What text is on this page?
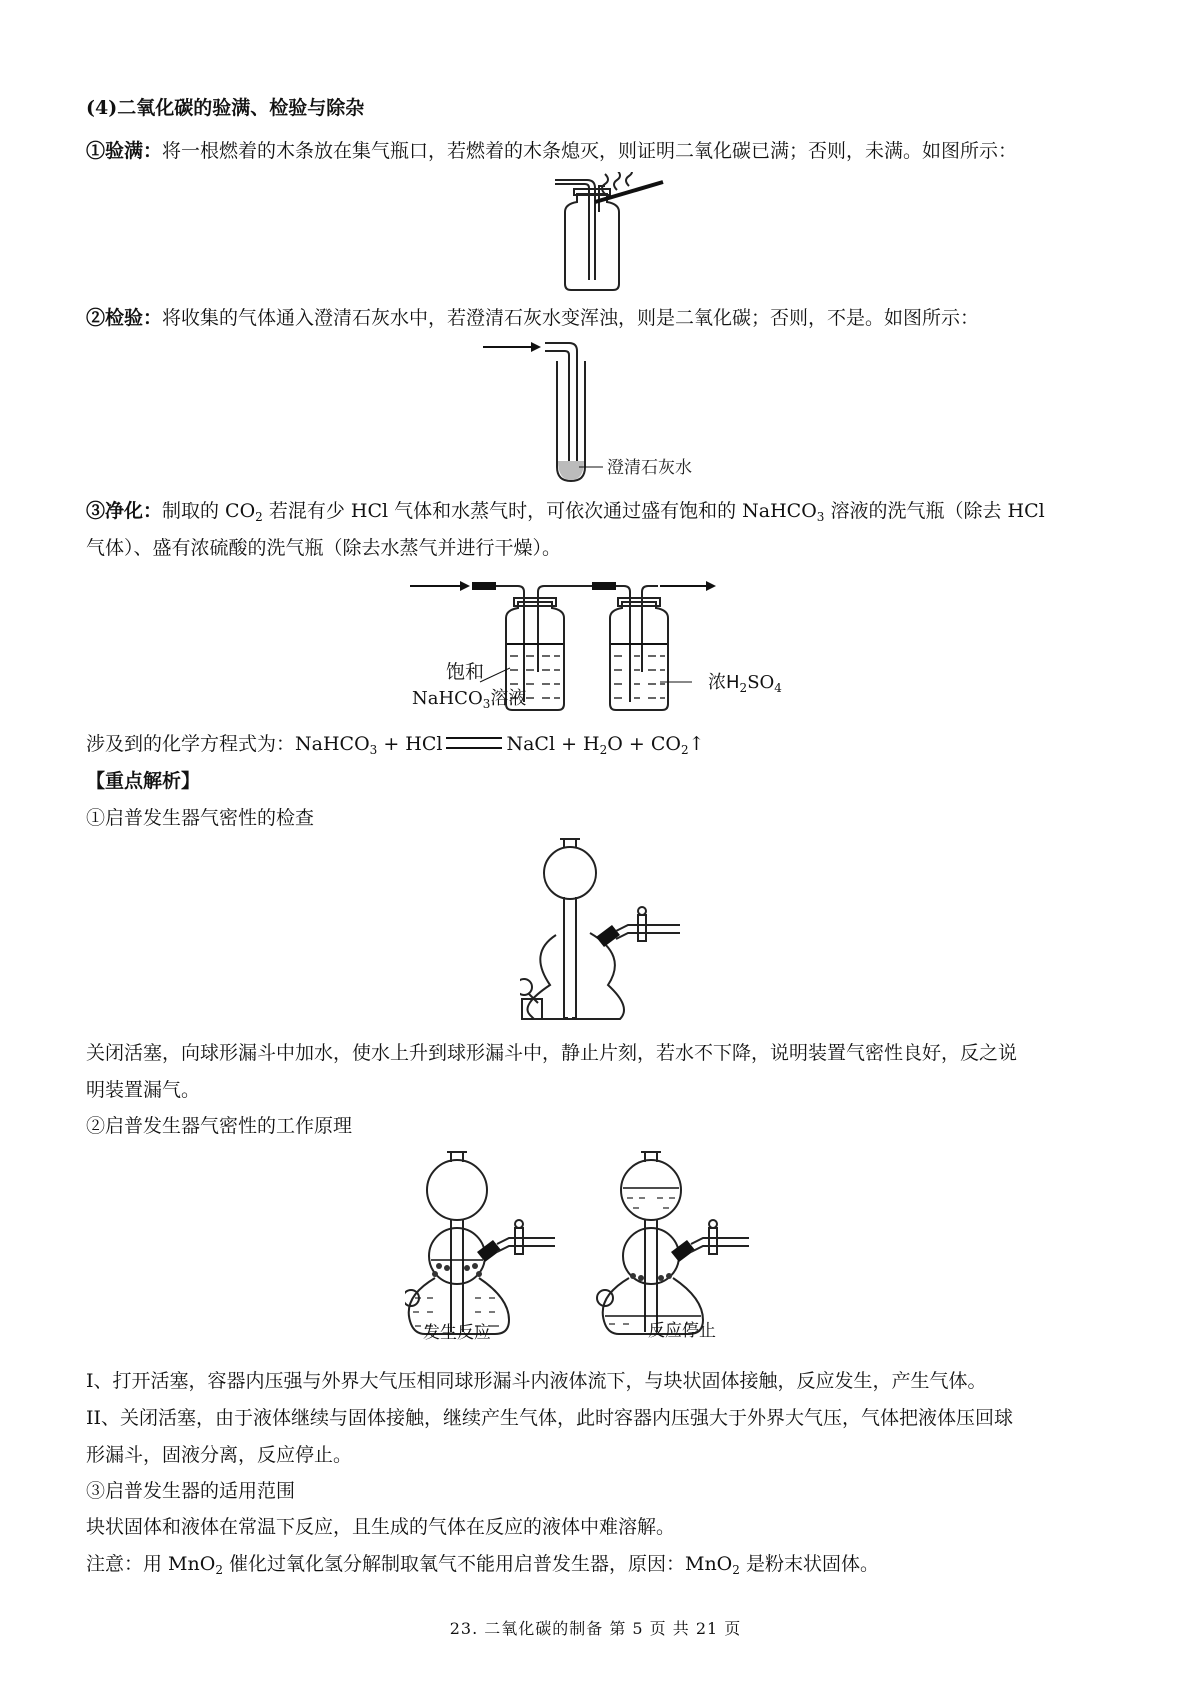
(4)二氧化碳的验满、检验与除杂
①验满：将一根燃着的木条放在集气瓶口，若燃着的木条熄灭，则证明二氧化碳已满；否则，未满。如图所示：
②检验：将收集的气体通入澄清石灰水中，若澄清石灰水变浑浊，则是二氧化碳；否则，不是。如图所示：
澄清石灰水
③净化：制取的 $CO_2$ 若混有少 HCl 气体和水蒸气时，可依次通过盛有饱和的 NaHCO$_3$ 溶液的洗气瓶（除去 HCl
气体）、盛有浓硫酸的洗气瓶（除去水蒸气并进行干燥）。
饱和
NaHCO$_3$溶液
浓$H_2SO_4$
涉及到的化学方程式为：NaHCO$_3$ + HCl	NaCl + $H_2O$ + $CO_2↑$
【重点解析】
①启普发生器气密性的检查
关闭活塞，向球形漏斗中加水，使水上升到球形漏斗中，静止片刻，若水不下降，说明装置气密性良好，反之说
明装置漏气。
②启普发生器气密性的工作原理
发生反应	反应停止
I、打开活塞，容器内压强与外界大气压相同球形漏斗内液体流下，与块状固体接触，反应发生，产生气体。
II、关闭活塞，由于液体继续与固体接触，继续产生气体，此时容器内压强大于外界大气压，气体把液体压回球
形漏斗，固液分离，反应停止。
③启普发生器的适用范围
块状固体和液体在常温下反应，且生成的气体在反应的液体中难溶解。
注意：用 MnO$_2$ 催化过氧化氢分解制取氧气不能用启普发生器，原因：MnO$_2$ 是粉末状固体。
23. 二氧化碳的制备 第 5 页 共 21 页
